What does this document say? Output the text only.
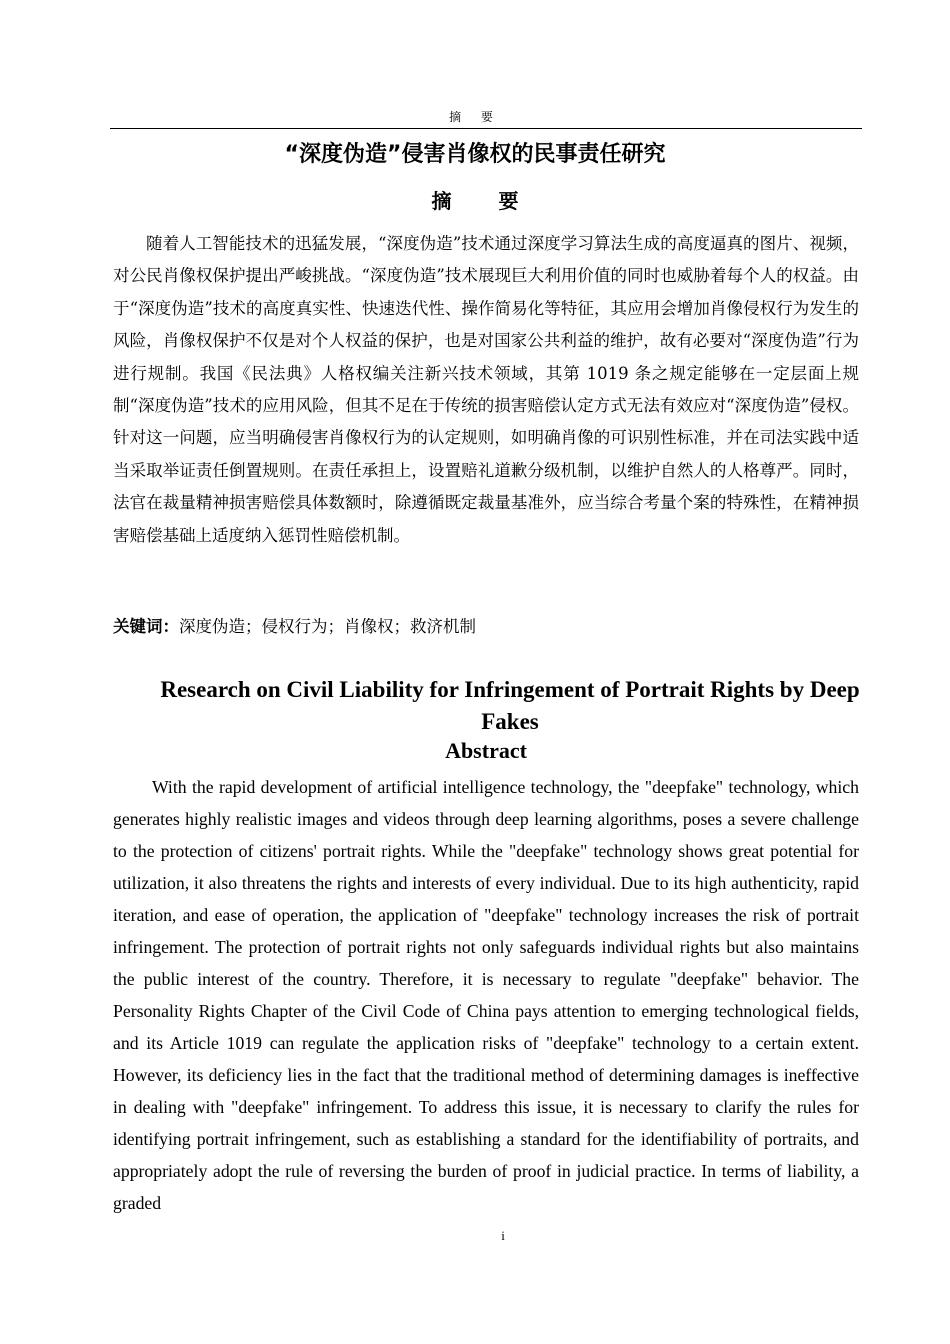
摘 要
“深度伪造”侵害肖像权的民事责任研究
摘 要
随着人工智能技术的迅猛发展，“深度伪造”技术通过深度学习算法生成的高度逼真的图片、视频，对公民肖像权保护提出严峻挑战。“深度伪造”技术展现巨大利用价值的同时也威胁着每个人的权益。由于“深度伪造”技术的高度真实性、快速迭代性、操作简易化等特征，其应用会增加肖像侵权行为发生的风险，肖像权保护不仅是对个人权益的保护，也是对国家公共利益的维护，故有必要对“深度伪造”行为进行规制。我国《民法典》人格权编关注新兴技术领域，其第 1019 条之规定能够在一定层面上规制“深度伪造”技术的应用风险，但其不足在于传统的损害赔偿认定方式无法有效应对“深度伪造”侵权。针对这一问题，应当明确侵害肖像权行为的认定规则，如明确肖像的可识别性标准，并在司法实践中适当采取举证责任倒置规则。在责任承担上，设置赔礼道歉分级机制，以维护自然人的人格尊严。同时，法官在裁量精神损害赔偿具体数额时，除遵循既定裁量基准外，应当综合考量个案的特殊性，在精神损害赔偿基础上适度纳入惩罚性赔偿机制。
关键词：深度伪造；侵权行为；肖像权；救济机制
Research on Civil Liability for Infringement of Portrait Rights by Deep Fakes
Abstract
With the rapid development of artificial intelligence technology, the "deepfake" technology, which generates highly realistic images and videos through deep learning algorithms, poses a severe challenge to the protection of citizens' portrait rights. While the "deepfake" technology shows great potential for utilization, it also threatens the rights and interests of every individual. Due to its high authenticity, rapid iteration, and ease of operation, the application of "deepfake" technology increases the risk of portrait infringement. The protection of portrait rights not only safeguards individual rights but also maintains the public interest of the country. Therefore, it is necessary to regulate "deepfake" behavior. The Personality Rights Chapter of the Civil Code of China pays attention to emerging technological fields, and its Article 1019 can regulate the application risks of "deepfake" technology to a certain extent. However, its deficiency lies in the fact that the traditional method of determining damages is ineffective in dealing with "deepfake" infringement. To address this issue, it is necessary to clarify the rules for identifying portrait infringement, such as establishing a standard for the identifiability of portraits, and appropriately adopt the rule of reversing the burden of proof in judicial practice. In terms of liability, a graded
i
